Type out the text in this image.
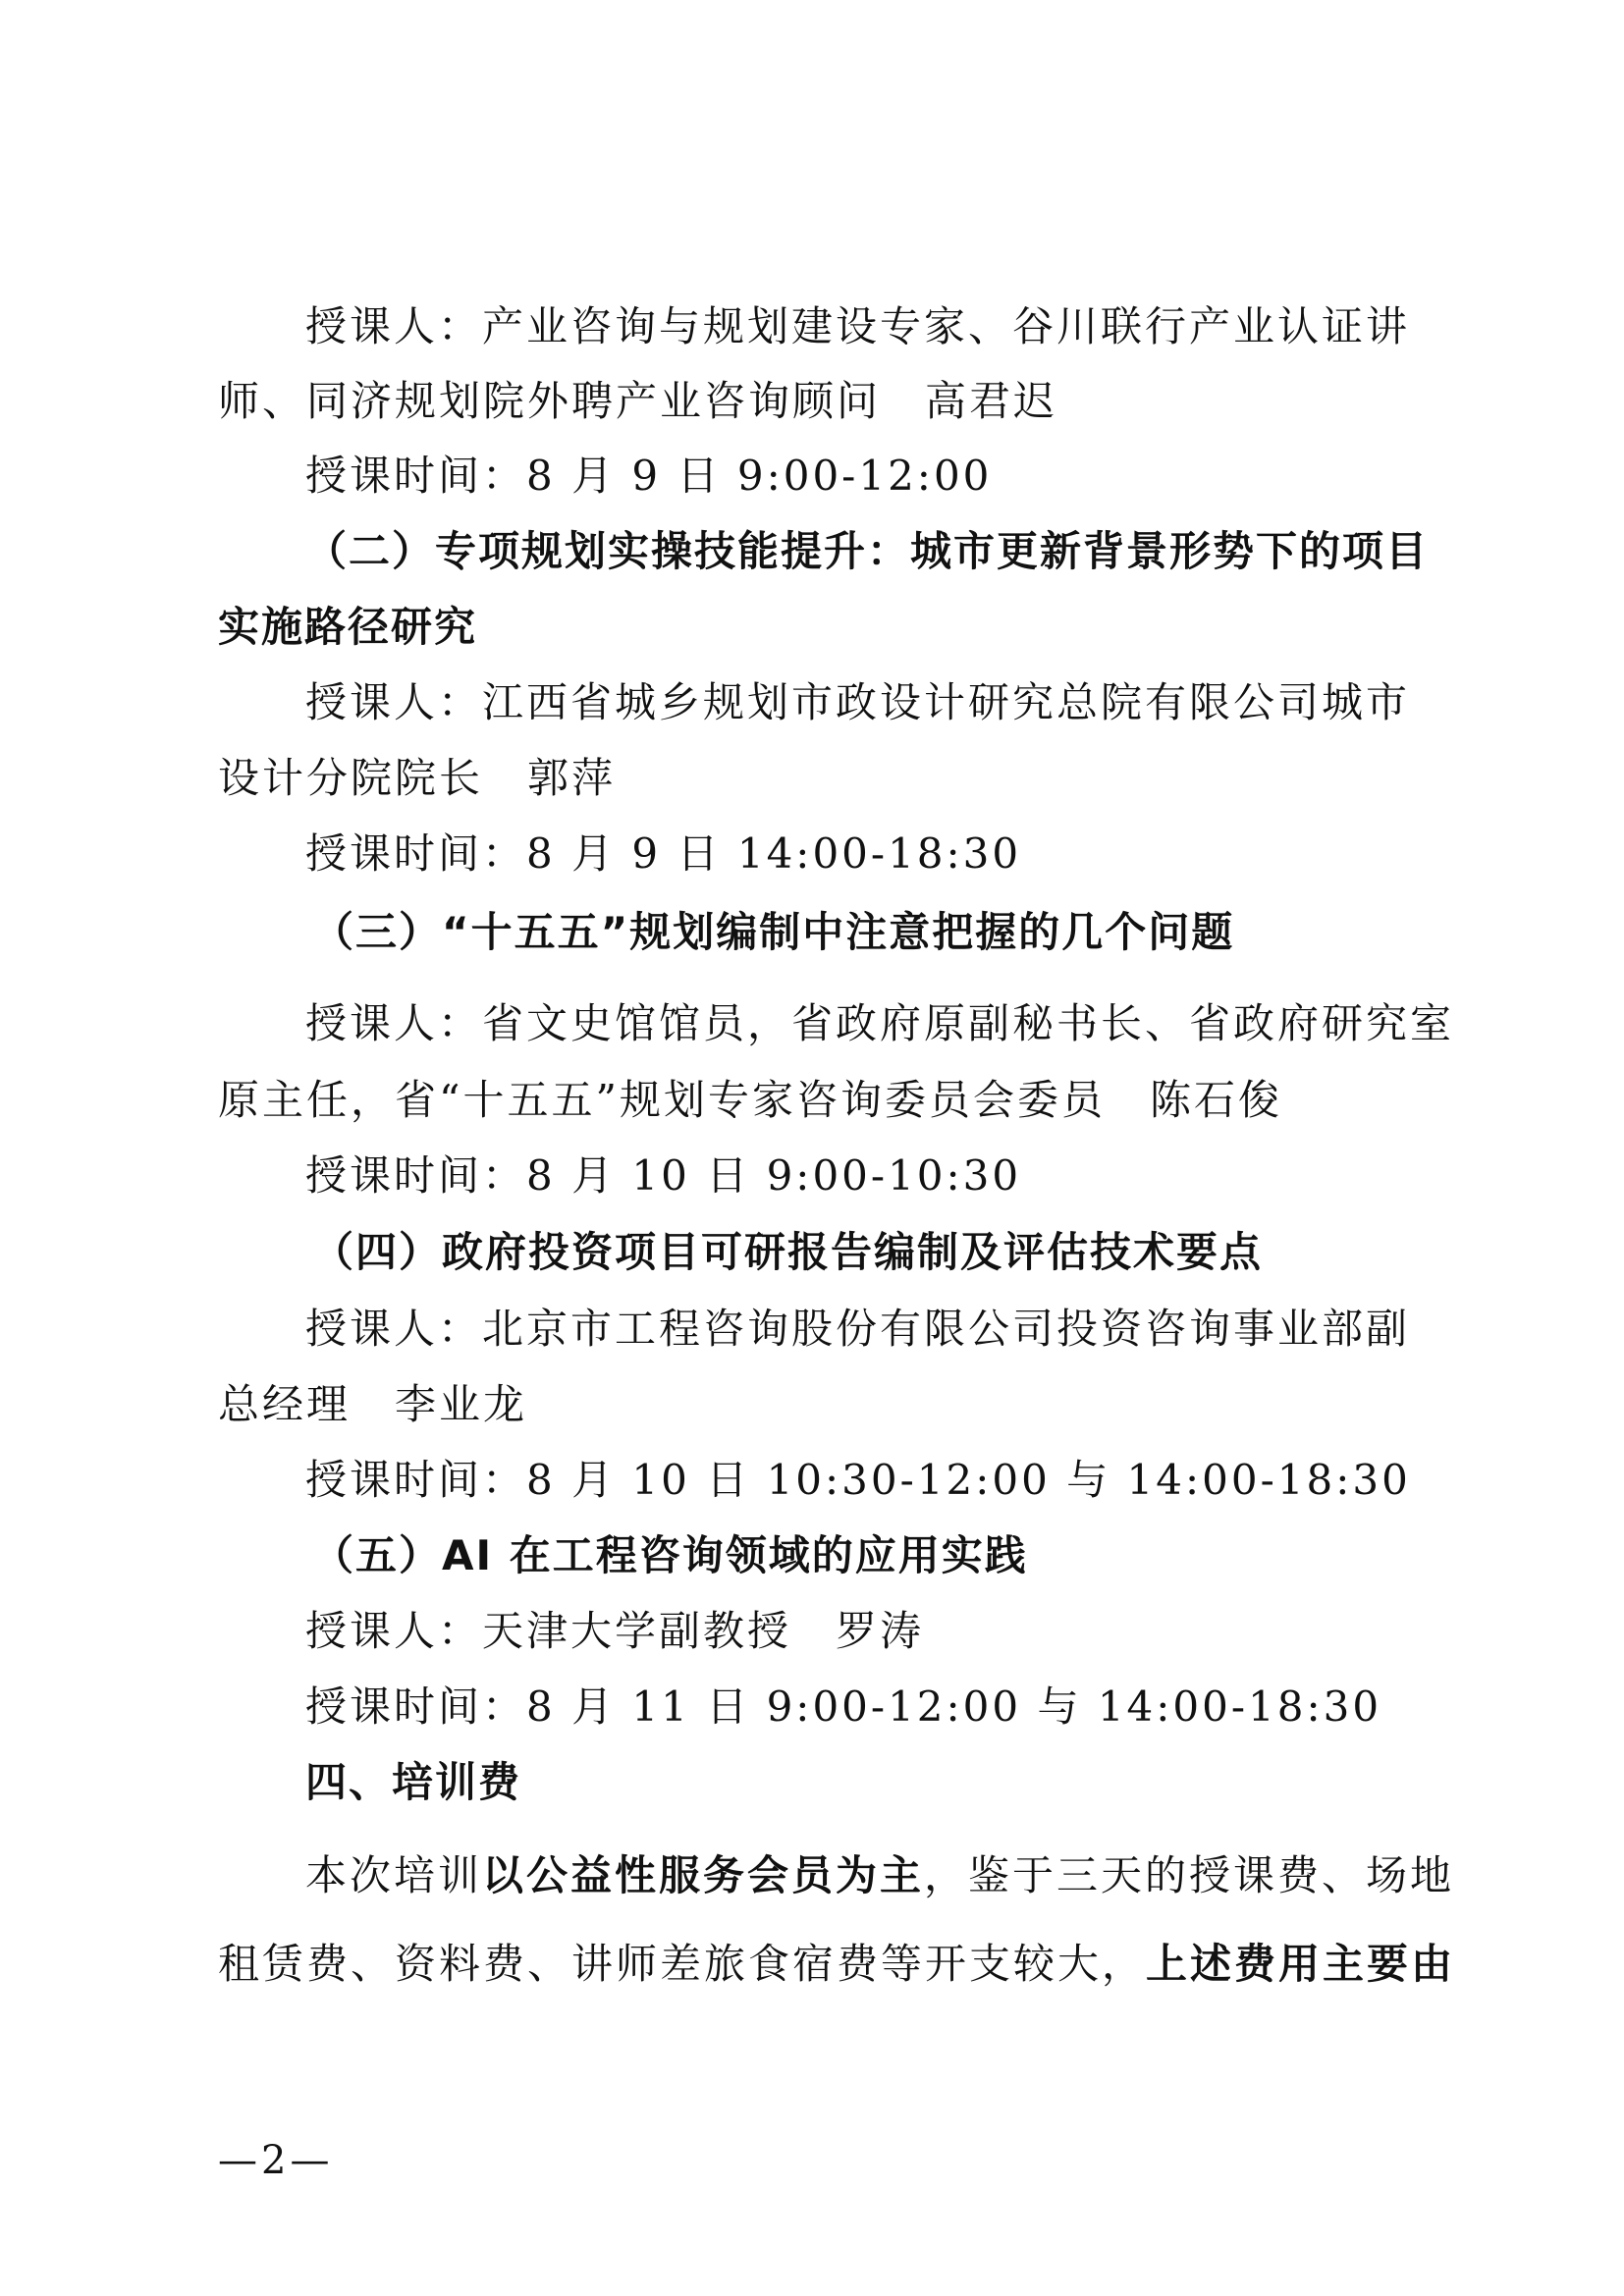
授课人：产业咨询与规划建设专家、谷川联行产业认证讲
师、同济规划院外聘产业咨询顾问　高君迟
授课时间：8 月 9 日 9:00-12:00
（二）专项规划实操技能提升：城市更新背景形势下的项目
实施路径研究
授课人：江西省城乡规划市政设计研究总院有限公司城市
设计分院院长　郭萍
授课时间：8 月 9 日 14:00-18:30
（三）“十五五”规划编制中注意把握的几个问题
授课人：省文史馆馆员，省政府原副秘书长、省政府研究室
原主任，省“十五五”规划专家咨询委员会委员　陈石俊
授课时间：8 月 10 日 9:00-10:30
（四）政府投资项目可研报告编制及评估技术要点
授课人：北京市工程咨询股份有限公司投资咨询事业部副
总经理　李业龙
授课时间：8 月 10 日 10:30-12:00 与 14:00-18:30
（五）AI 在工程咨询领域的应用实践
授课人：天津大学副教授　罗涛
授课时间：8 月 11 日 9:00-12:00 与 14:00-18:30
四、培训费
本次培训以公益性服务会员为主，鉴于三天的授课费、场地
租赁费、资料费、讲师差旅食宿费等开支较大，上述费用主要由
—2—
